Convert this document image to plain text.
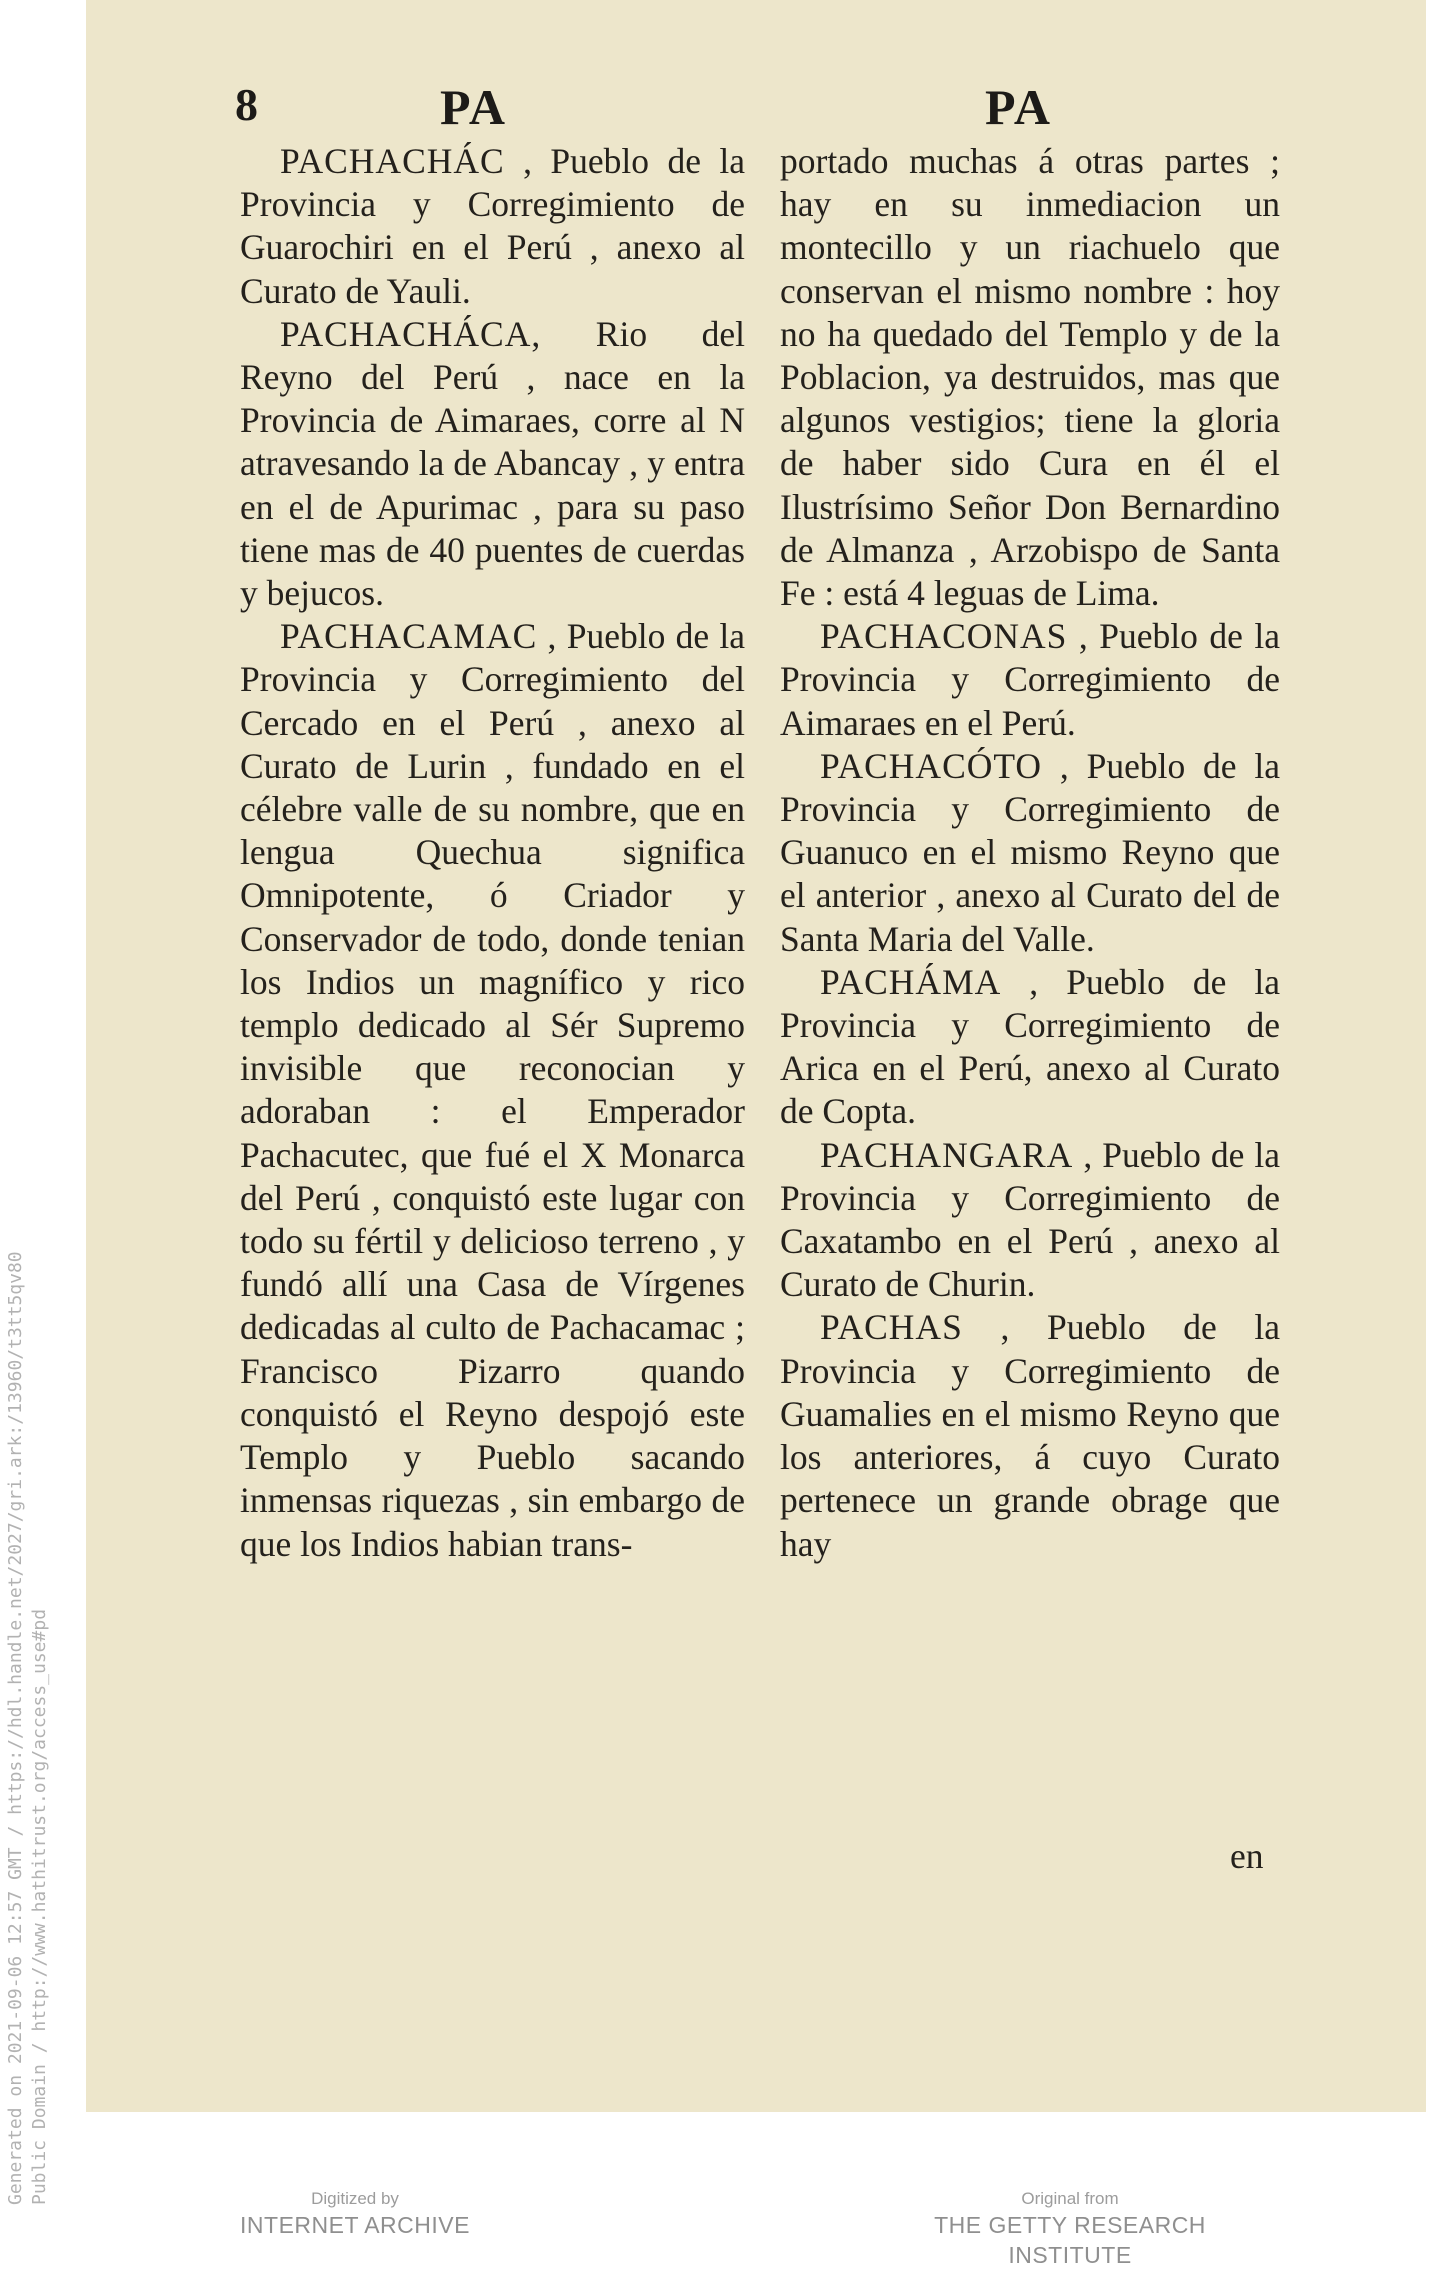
Generated on 2021-09-06 12:57 GMT / https://hdl.handle.net/2027/gri.ark:/13960/t3tt5qv80 Public Domain / http://www.hathitrust.org/access_use#pd
8	PA	PA

PACHACHÁC , Pueblo de la Provincia y Corregimiento de Guarochiri en el Perú , anexo al Curato de Yauli.

PACHACHÁCA, Rio del Reyno del Perú , nace en la Provincia de Aimaraes, corre al N atravesando la de Abancay , y entra en el de Apurimac , para su paso tiene mas de 40 puentes de cuerdas y bejucos.

PACHACAMAC , Pueblo de la Provincia y Corregimiento del Cercado en el Perú , anexo al Curato de Lurin , fundado en el célebre valle de su nombre, que en lengua Quechua significa Omnipotente, ó Criador y Conservador de todo, donde tenian los Indios un magnífico y rico templo dedicado al Sér Supremo invisible que reconocian y adoraban : el Emperador Pachacutec, que fué el X Monarca del Perú , conquistó este lugar con todo su fértil y delicioso terreno , y fundó allí una Casa de Vírgenes dedicadas al culto de Pachacamac ; Francisco Pizarro quando conquistó el Reyno despojó este Templo y Pueblo sacando inmensas riquezas , sin embargo de que los Indios habian trans-

portado muchas á otras partes ; hay en su inmediacion un montecillo y un riachuelo que conservan el mismo nombre : hoy no ha quedado del Templo y de la Poblacion, ya destruidos, mas que algunos vestigios; tiene la gloria de haber sido Cura en él el Ilustrísimo Señor Don Bernardino de Almanza , Arzobispo de Santa Fe : está 4 leguas de Lima.

PACHACONAS , Pueblo de la Provincia y Corregimiento de Aimaraes en el Perú.

PACHACÓTO , Pueblo de la Provincia y Corregimiento de Guanuco en el mismo Reyno que el anterior , anexo al Curato del de Santa Maria del Valle.

PACHÁMA , Pueblo de la Provincia y Corregimiento de Arica en el Perú, anexo al Curato de Copta.

PACHANGARA , Pueblo de la Provincia y Corregimiento de Caxatambo en el Perú , anexo al Curato de Churin.

PACHAS , Pueblo de la Provincia y Corregimiento de Guamalies en el mismo Reyno que los anteriores, á cuyo Curato pertenece un grande obrage que hay

en
Digitized by
INTERNET ARCHIVE
Original from
THE GETTY RESEARCH INSTITUTE
